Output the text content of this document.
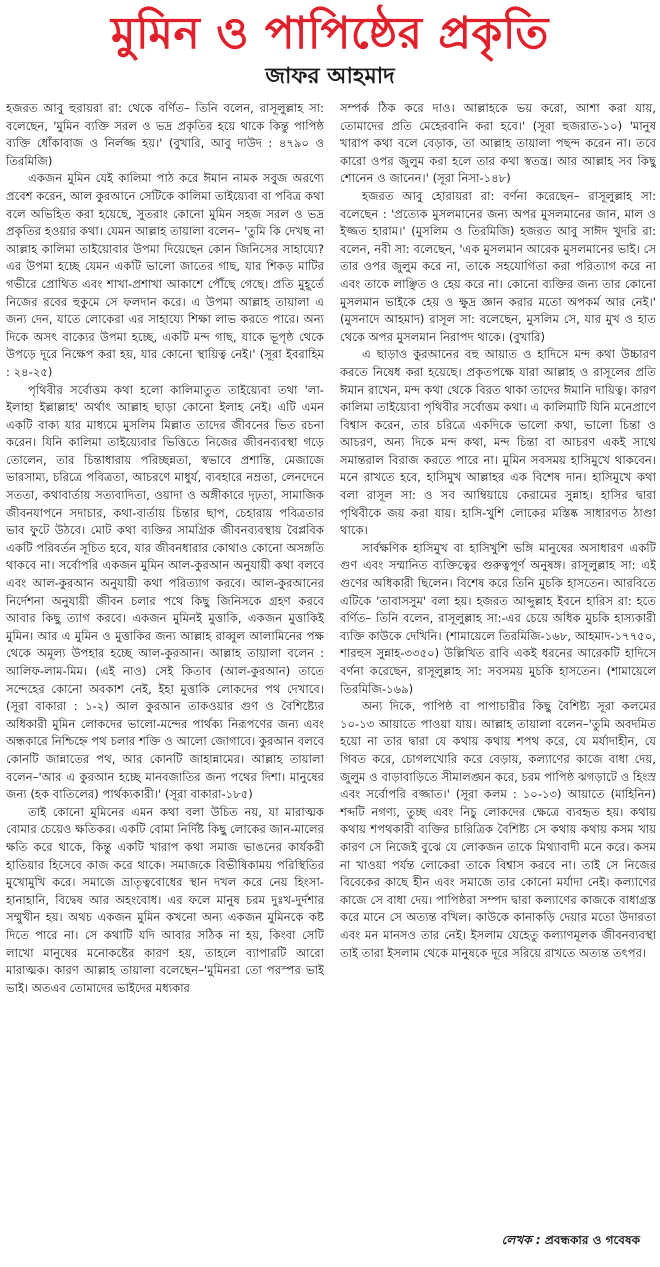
মুমিন ও পাপিষ্ঠের প্রকৃতি
জাফর আহমাদ

হজরত আবু হুরায়রা রা: থেকে বর্ণিত– তিনি বলেন, রাসূলুল্লাহ সা: বলেছেন, 'মুমিন ব্যক্তি সরল ও ভদ্র প্রকৃতির হয়ে থাকে কিন্তু পাপিষ্ঠ ব্যক্তি ধোঁকাবাজ ও নির্লজ্জ হয়।' (বুখারি, আবু দাউদ : ৪৭৯০ ও তিরমিজি)

একজন মুমিন যেই কালিমা পাঠ করে ঈমান নামক সবুজ অরণ্যে প্রবেশ করেন, আল কুরআনে সেটিকে কালিমা তাইয়্যেবা বা পবিত্র কথা বলে অভিহিত করা হয়েছে, সুতরাং কোনো মুমিন সহজ সরল ও ভদ্র প্রকৃতির হওয়ার কথা। যেমন আল্লাহ তায়ালা বলেন– 'তুমি কি দেখছ না আল্লাহ কালিমা তাইয়োবার উপমা দিয়েছেন কোন জিনিসের সাহায্যে? এর উপমা হচ্ছে যেমন একটি ভালো জাতের গাছ, যার শিকড় মাটির গভীরে প্রোথিত এবং শাখা-প্রশাখা আকাশে পৌঁছে গেছে। প্রতি মুহূর্তে নিজের রবের হুকুমে সে ফলদান করে। এ উপমা আল্লাহ তায়ালা এ জন্য দেন, যাতে লোকেরা এর সাহায্যে শিক্ষা লাভ করতে পারে। অন্য দিকে অসৎ বাক্যের উপমা হচ্ছে, একটি মন্দ গাছ, যাকে ভূপৃষ্ঠ থেকে উপড়ে দূরে নিক্ষেপ করা হয়, যার কোনো স্থায়িত্ব নেই।' (সূরা ইবরাহিম : ২৪-২৫)

পৃথিবীর সর্বোত্তম কথা হলো কালিমাতুত তাইয়্যেবা তথা 'লা-ইলাহা ইল্লাল্লাহ' অর্থাৎ আল্লাহ ছাড়া কোনো ইলাহ নেই। এটি এমন একটি বাক্য যার মাধ্যমে মুসলিম মিল্লাত তাদের জীবনের ভিত রচনা করেন। যিনি কালিমা তাইয়্যেবার ভিত্তিতে নিজের জীবনব্যবস্থা গড়ে তোলেন, তার চিন্তাধারায় পরিচ্ছন্নতা, স্বভাবে প্রশান্তি, মেজাজে ভারসাম্য, চরিত্রে পবিত্রতা, আচরণে মাধুর্য, ব্যবহারে নম্রতা, লেনদেনে সততা, কথাবার্তায় সত্যবাদিতা, ওয়াদা ও অঙ্গীকারে দৃঢ়তা, সামাজিক জীবনযাপনে সদাচার, কথা-বার্তায় চিন্তার ছাপ, চেহারায় পবিত্রতার ভাব ফুটে উঠবে। মোট কথা ব্যক্তির সামগ্রিক জীবনব্যবস্থায় বৈপ্লবিক একটি পরিবর্তন সূচিত হবে, যার জীবনধারার কোথাও কোনো অসঙ্গতি থাকবে না। সর্বোপরি একজন মুমিন আল-কুরআন অনুযায়ী কথা বলবে এবং আল-কুরআন অনুযায়ী কথা পরিত্যাগ করবে। আল-কুরআনের নির্দেশনা অনুযায়ী জীবন চলার পথে কিছু জিনিসকে গ্রহণ করবে আবার কিছু ত্যাগ করবে। একজন মুমিনই মুত্তাকি, একজন মুত্তাকিই মুমিন। আর এ মুমিন ও মুত্তাকির জন্য আল্লাহ রাব্বুল আলামিনের পক্ষ থেকে অমূল্য উপহার হচ্ছে আল-কুরআন। আল্লাহ তায়ালা বলেন : আলিফ-লাম-মিম। (এই নাও) সেই কিতাব (আল-কুরআন) তাতে সন্দেহের কোনো অবকাশ নেই, ইহা মুত্তাকি লোকদের পথ দেখাবে। (সূরা বাকারা : ১-২) আল কুরআন তাকওয়ার গুণ ও বৈশিষ্ট্যের অধিকারী মুমিন লোকদের ভালো-মন্দের পার্থক্য নিরূপণের জন্য এবং অন্ধকারে নিশ্চিহ্নে পথ চলার শক্তি ও আলো জোগাবে। কুরআন বলবে কোনটি জান্নাতের পথ, আর কোনটি জাহান্নামের। আল্লাহ তায়ালা বলেন–'আর এ কুরআন হচ্ছে মানবজাতির জন্য পথের দিশা। মানুষের জন্য (হক বাতিলের) পার্থক্যকারী।' (সূরা বাকারা-১৮৫)

তাই কোনো মুমিনের এমন কথা বলা উচিত নয়, যা মারাত্মক বোমার চেয়েও ক্ষতিকর। একটি বোমা নির্দিষ্ট কিছু লোকের জান-মালের ক্ষতি করে থাকে, কিন্তু একটি খারাপ কথা সমাজ ভাঙনের কার্যকরী হাতিয়ার হিসেবে কাজ করে থাকে। সমাজকে বিভীষিকাময় পরিস্থিতির মুখোমুখি করে। সমাজে ভ্রাতৃত্ববোধের স্থান দখল করে নেয় হিংসা-হানাহানি, বিদ্বেষ আর অহংবোধ। এর ফলে মানুষ চরম দুঃখ-দুর্দশার সম্মুখীন হয়। অথচ একজন মুমিন কখনো অন্য একজন মুমিনকে কষ্ট দিতে পারে না। সে কথাটি যদি আবার সঠিক না হয়, কিংবা সেটি লাখো মানুষের মনোকষ্টের কারণ হয়, তাহলে ব্যাপারটি আরো মারাত্মক। কারণ আল্লাহ তায়ালা বলেছেন–'মুমিনরা তো পরস্পর ভাই ভাই। অতএব তোমাদের ভাইদের মধ্যকার

সম্পর্ক ঠিক করে দাও। আল্লাহকে ভয় করো, আশা করা যায়, তোমাদের প্রতি মেহেরবানি করা হবে।' (সূরা হুজরাত-১০) 'মানুষ খারাপ কথা বলে বেড়াক, তা আল্লাহ তায়ালা পছন্দ করেন না। তবে কারো ওপর জুলুম করা হলে তার কথা স্বতন্ত্র। আর আল্লাহ সব কিছু শোনেন ও জানেন।' (সূরা নিসা-১৪৮)

হজরত আবু হোরায়রা রা: বর্ণনা করেছেন– রাসূলুল্লাহ সা: বলেছেন : 'প্রত্যেক মুসলমানের জন্য অপর মুসলমানের জান, মাল ও ইজ্জত হারাম।' (মুসলিম ও তিরমিজি) হজরত আবু সাঈদ খুদরি রা: বলেন, নবী সা: বলেছেন, 'এক মুসলমান আরেক মুসলমানের ভাই। সে তার ওপর জুলুম করে না, তাকে সহযোগিতা করা পরিত্যাগ করে না এবং তাকে লাঞ্ছিত ও হেয় করে না। কোনো ব্যক্তির জন্য তার কোনো মুসলমান ভাইকে হেয় ও ক্ষুদ্র জ্ঞান করার মতো অপকর্ম আর নেই।' (মুসনাদে আহমাদ) রাসূল সা: বলেছেন, মুসলিম সে, যার মুখ ও হাত থেকে অপর মুসলমান নিরাপদ থাকে। (বুখারি)

এ ছাড়াও কুরআনের বহু আয়াত ও হাদিসে মন্দ কথা উচ্চারণ করতে নিষেধ করা হয়েছে। প্রকৃতপক্ষে যারা আল্লাহ ও রাসূলের প্রতি ঈমান রাখেন, মন্দ কথা থেকে বিরত থাকা তাদের ঈমানি দায়িত্ব। কারণ কালিমা তাইয়্যেবা পৃথিবীর সর্বোত্তম কথা। এ কালিমাটি যিনি মনেপ্রাণে বিশ্বাস করেন, তার চরিত্রে একদিকে ভালো কথা, ভালো চিন্তা ও আচরণ, অন্য দিকে মন্দ কথা, মন্দ চিন্তা বা আচরণ একই সাথে সমান্তরাল বিরাজ করতে পারে না। মুমিন সবসময় হাসিমুখে থাকবেন। মনে রাখতে হবে, হাসিমুখ আল্লাহর এক বিশেষ দান। হাসিমুখে কথা বলা রাসূল সা: ও সব আম্বিয়ায়ে কেরামের সুন্নাহ। হাসির দ্বারা পৃথিবীকে জয় করা যায়। হাসি-খুশি লোকের মস্তিষ্ক সাধারণত ঠাণ্ডা থাকে।

সার্বক্ষণিক হাসিমুখ বা হাসিখুশি ভঙ্গি মানুষের অসাধারণ একটি গুণ এবং সম্মানিত ব্যক্তিত্বের গুরুত্বপূর্ণ অনুষঙ্গ। রাসূলুল্লাহ সা: এই গুণের অধিকারী ছিলেন। বিশেষ করে তিনি মুচকি হাসতেন। আরবিতে এটিকে 'তাবাসসুম' বলা হয়। হজরত আব্দুল্লাহ ইবনে হারিস রা: হতে বর্ণিত– তিনি বলেন, রাসূলুল্লাহ সা:-এর চেয়ে অধিক মুচকি হাস্যকারী ব্যক্তি কাউকে দেখিনি। (শামায়েলে তিরমিজি-১৬৮, আহমাদ-১৭৭৫০, শারহুস সুন্নাহ-৩৩৫০) উল্লিখিত রাবি একই ধরনের আরেকটি হাদিসে বর্ণনা করেছেন, রাসূলুল্লাহ সা: সবসময় মুচকি হাসতেন। (শামায়েলে তিরমিজি-১৬৯)

অন্য দিকে, পাপিষ্ঠ বা পাপাচারীর কিছু বৈশিষ্ট্য সূরা কলমের ১০-১৩ আয়াতে পাওয়া যায়। আল্লাহ তায়ালা বলেন–'তুমি অবদমিত হয়ো না তার দ্বারা যে কথায় কথায় শপথ করে, যে মর্যাদাহীন, যে গিবত করে, চোগলখোরি করে বেড়ায়, কল্যাণের কাজে বাধা দেয়, জুলুম ও বাড়াবাড়িতে সীমালঙ্ঘন করে, চরম পাপিষ্ঠ ঝগড়াটে ও হিংস্র এবং সর্বোপরি বজ্জাত।' (সূরা কলম : ১০-১৩) আয়াতে (মাহিনিন) শব্দটি নগণ্য, তুচ্ছ এবং নিচু লোকদের ক্ষেত্রে ব্যবহৃত হয়। কথায় কথায় শপথকারী ব্যক্তির চারিত্রিক বৈশিষ্ট্য সে কথায় কথায় কসম খায় কারণ সে নিজেই বুঝে যে লোকজন তাকে মিথ্যাবাদী মনে করে। কসম না খাওয়া পর্যন্ত লোকেরা তাকে বিশ্বাস করবে না। তাই সে নিজের বিবেকের কাছে হীন এবং সমাজে তার কোনো মর্যাদা নেই। কল্যাণের কাজে সে বাধা দেয়। পাপিষ্ঠরা সম্পদ দ্বারা কল্যাণের কাজকে বাধাগ্রস্ত করে মানে সে অত্যন্ত বখিল। কাউকে কানাকড়ি দেয়ার মতো উদারতা এবং মন মানসও তার নেই। ইসলাম যেহেতু কল্যাণমূলক জীবনব্যবস্থা তাই তারা ইসলাম থেকে মানুষকে দূরে সরিয়ে রাখতে অত্যন্ত তৎপর।

লেখক : প্রবন্ধকার ও গবেষক
